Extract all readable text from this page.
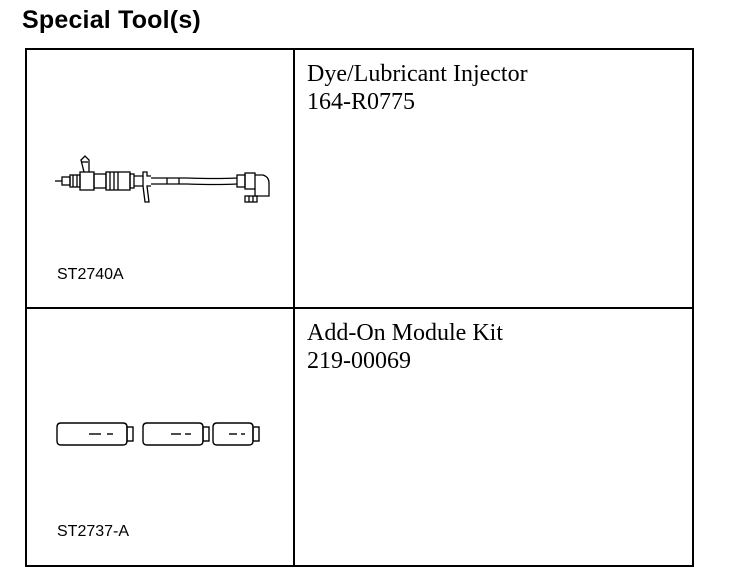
Special Tool(s)
ST2740A	Dye/Lubricant Injector
164-R0775

ST2737-A	Add-On Module Kit
219-00069
